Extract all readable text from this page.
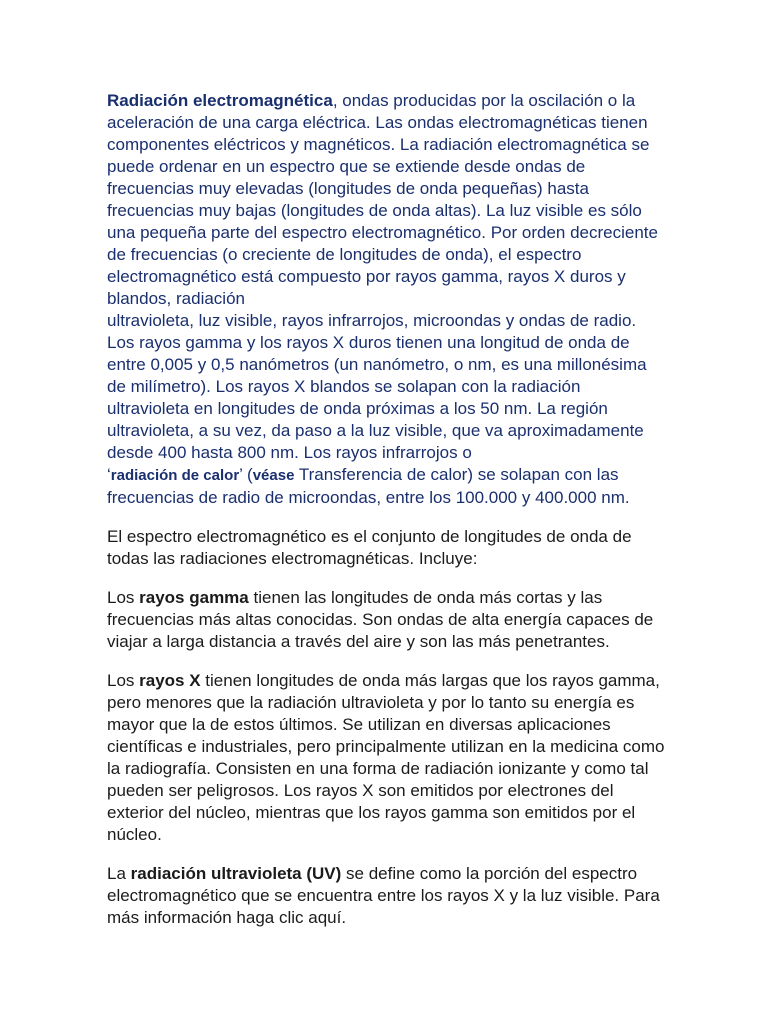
Radiación electromagnética, ondas producidas por la oscilación o la aceleración de una carga eléctrica. Las ondas electromagnéticas tienen componentes eléctricos y magnéticos. La radiación electromagnética se puede ordenar en un espectro que se extiende desde ondas de frecuencias muy elevadas (longitudes de onda pequeñas) hasta frecuencias muy bajas (longitudes de onda altas). La luz visible es sólo una pequeña parte del espectro electromagnético. Por orden decreciente de frecuencias (o creciente de longitudes de onda), el espectro electromagnético está compuesto por rayos gamma, rayos X duros y blandos, radiación
ultravioleta, luz visible, rayos infrarrojos, microondas y ondas de radio. Los rayos gamma y los rayos X duros tienen una longitud de onda de entre 0,005 y 0,5 nanómetros (un nanómetro, o nm, es una millonésima de milímetro). Los rayos X blandos se solapan con la radiación ultravioleta en longitudes de onda próximas a los 50 nm. La región ultravioleta, a su vez, da paso a la luz visible, que va aproximadamente desde 400 hasta 800 nm. Los rayos infrarrojos o
‘radiación de calor’ (véase Transferencia de calor) se solapan con las frecuencias de radio de microondas, entre los 100.000 y 400.000 nm.

El espectro electromagnético es el conjunto de longitudes de onda de todas las radiaciones electromagnéticas. Incluye:

Los rayos gamma tienen las longitudes de onda más cortas y las frecuencias más altas conocidas. Son ondas de alta energía capaces de viajar a larga distancia a través del aire y son las más penetrantes.

Los rayos X tienen longitudes de onda más largas que los rayos gamma, pero menores que la radiación ultravioleta y por lo tanto su energía es mayor que la de estos últimos. Se utilizan en diversas aplicaciones científicas e industriales, pero principalmente utilizan en la medicina como la radiografía. Consisten en una forma de radiación ionizante y como tal pueden ser peligrosos. Los rayos X son emitidos por electrones del exterior del núcleo, mientras que los rayos gamma son emitidos por el núcleo.

La radiación ultravioleta (UV) se define como la porción del espectro electromagnético que se encuentra entre los rayos X y la luz visible. Para más información haga clic aquí.
